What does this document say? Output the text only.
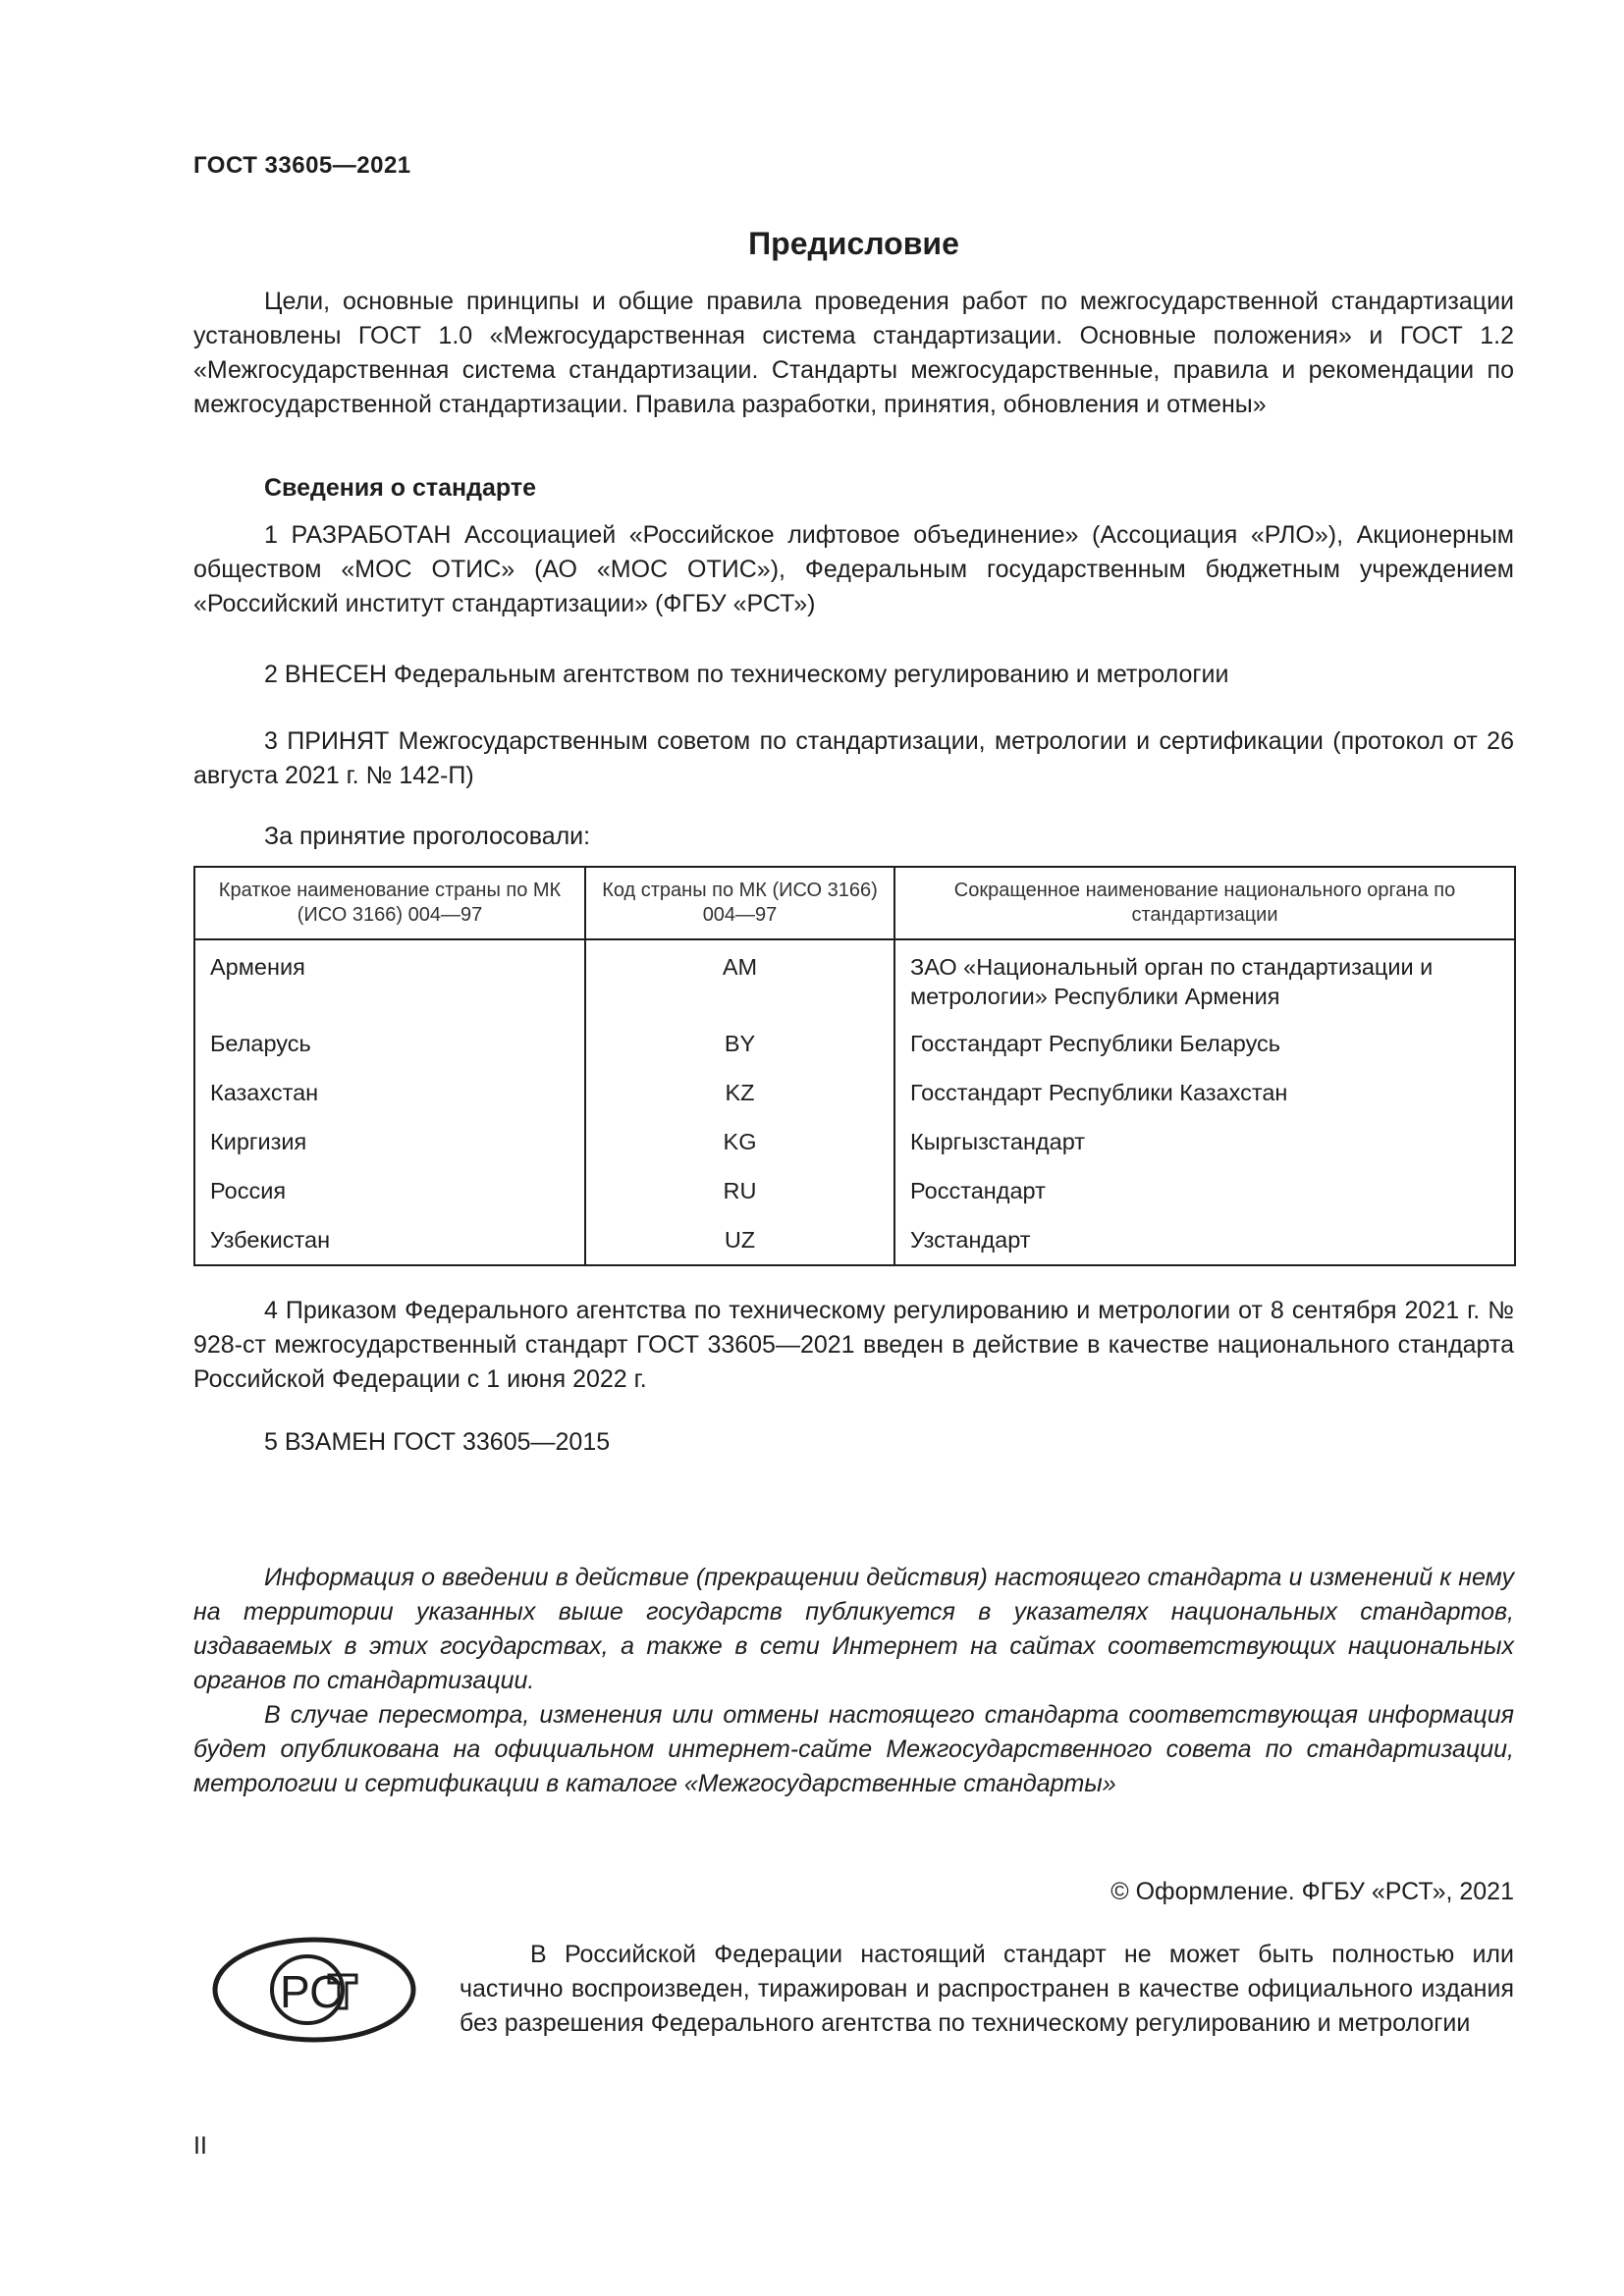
ГОСТ 33605—2021
Предисловие

Цели, основные принципы и общие правила проведения работ по межгосударственной стандартизации установлены ГОСТ 1.0 «Межгосударственная система стандартизации. Основные положения» и ГОСТ 1.2 «Межгосударственная система стандартизации. Стандарты межгосударственные, правила и рекомендации по межгосударственной стандартизации. Правила разработки, принятия, обновления и отмены»

Сведения о стандарте

1 РАЗРАБОТАН Ассоциацией «Российское лифтовое объединение» (Ассоциация «РЛО»), Акционерным обществом «МОС ОТИС» (АО «МОС ОТИС»), Федеральным государственным бюджетным учреждением «Российский институт стандартизации» (ФГБУ «РСТ»)

2 ВНЕСЕН Федеральным агентством по техническому регулированию и метрологии

3 ПРИНЯТ Межгосударственным советом по стандартизации, метрологии и сертификации (протокол от 26 августа 2021 г. № 142-П)

За принятие проголосовали:
Краткое наименование страны по МК (ИСО 3166) 004—97	Код страны по МК (ИСО 3166) 004—97	Сокращенное наименование национального органа по стандартизации
Армения	AM	ЗАО «Национальный орган по стандартизации и метрологии» Республики Армения
Беларусь	BY	Госстандарт Республики Беларусь
Казахстан	KZ	Госстандарт Республики Казахстан
Киргизия	KG	Кыргызстандарт
Россия	RU	Росстандарт
Узбекистан	UZ	Узстандарт

4 Приказом Федерального агентства по техническому регулированию и метрологии от 8 сентября 2021 г. № 928-ст межгосударственный стандарт ГОСТ 33605—2021 введен в действие в качестве национального стандарта Российской Федерации с 1 июня 2022 г.

5 ВЗАМЕН ГОСТ 33605—2015

Информация о введении в действие (прекращении действия) настоящего стандарта и изменений к нему на территории указанных выше государств публикуется в указателях национальных стандартов, издаваемых в этих государствах, а также в сети Интернет на сайтах соответствующих национальных органов по стандартизации.

В случае пересмотра, изменения или отмены настоящего стандарта соответствующая информация будет опубликована на официальном интернет-сайте Межгосударственного совета по стандартизации, метрологии и сертификации в каталоге «Межгосударственные стандарты»

© Оформление. ФГБУ «РСТ», 2021
РС

В Российской Федерации настоящий стандарт не может быть полностью или частично воспроизведен, тиражирован и распространен в качестве официального издания без разрешения Федерального агентства по техническому регулированию и метрологии

II
